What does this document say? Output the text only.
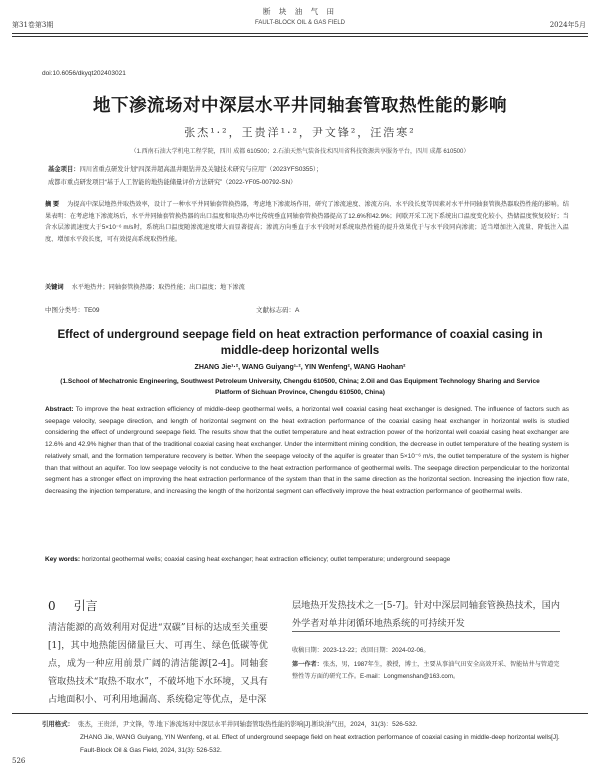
断 块 油 气 田
第31卷第3期	FAULT-BLOCK OIL & GAS FIELD	2024年5月
doi:10.6056/dkyqt202403021
地下渗流场对中深层水平井同轴套管取热性能的影响
张杰¹·²，王贵洋¹·²，尹文锋²，汪浩寒²
（1.西南石油大学机电工程学院，四川 成都 610500；2.石油天然气装备技术四川省科技资源共享服务平台，四川 成都 610500）
基金项目：四川省重点研发计划“四深井超高温井眼钻井及关键技术研究与应用”（2023YFS0355）；
成都市重点研发项目“基于人工智能的地热能储量评价方法研究”（2022-YF05-00792-SN）
摘 要 为提高中深层地热井取热效率，设计了一种水平井同轴套管换热器，考虑地下渗流场作用，研究了渗流速度、渗流方向、水平段长度等因素对水平井同轴套管换热器取热性能的影响。结果表明：在考虑地下渗流场后，水平井同轴套管换热器的出口温度和取热功率比传统垂直同轴套管换热器提高了12.6%和42.9%；间歇开采工况下系统出口温度变化较小，热储温度恢复较好；当含水层渗流速度大于5×10⁻⁶ m/s时，系统出口温度随渗流速度增大而显著提高；渗流方向垂直于水平段时对系统取热性能的提升效果优于与水平段同向渗流；适当增加注入流量、降低注入温度、增加水平段长度，可有效提高系统取热性能。
关键词 水平地热井；同轴套管换热器；取热性能；出口温度；地下渗流
中图分类号：TE09	文献标志码：A
Effect of underground seepage field on heat extraction performance of coaxial casing in middle-deep horizontal wells
ZHANG Jie¹·², WANG Guiyang¹·², YIN Wenfeng², WANG Haohan²
(1.School of Mechatronic Engineering, Southwest Petroleum University, Chengdu 610500, China; 2.Oil and Gas Equipment Technology Sharing and Service Platform of Sichuan Province, Chengdu 610500, China)
Abstract: To improve the heat extraction efficiency of middle-deep geothermal wells, a horizontal well coaxial casing heat exchanger is designed. The influence of factors such as seepage velocity, seepage direction, and length of horizontal segment on the heat extraction performance of the coaxial casing heat exchanger in horizontal wells is studied considering the effect of underground seepage field. The results show that the outlet temperature and heat extraction power of the horizontal well coaxial casing heat exchanger are 12.6% and 42.9% higher than that of the traditional coaxial casing heat exchanger. Under the intermittent mining condition, the decrease in outlet temperature of the heating system is relatively small, and the formation temperature recovery is better. When the seepage velocity of the aquifer is greater than 5×10⁻⁶ m/s, the outlet temperature of the system is higher than that without an aquifer. Too low seepage velocity is not conducive to the heat extraction performance of geothermal wells. The seepage direction perpendicular to the horizontal segment has a stronger effect on improving the heat extraction performance of the system than that in the same direction as the horizontal section. Increasing the injection flow rate, decreasing the injection temperature, and increasing the length of the horizontal segment can effectively improve the heat extraction performance of geothermal wells.
Key words: horizontal geothermal wells; coaxial casing heat exchanger; heat extraction efficiency; outlet temperature; underground seepage
0 引言
清洁能源的高效利用对促进“双碳”目标的达成至关重要[1]，其中地热能因储量巨大、可再生、绿色低碳等优点，成为一种应用前景广阔的清洁能源[2-4]。同轴套管取热技术“取热不取水”，不破坏地下水环境，又具有占地面积小、可利用地漏高、系统稳定等优点，是中深
层地热开发热技术之一[5-7]。针对中深层同轴套管换热技术，国内外学者对单井闭循环地热系统的可持续开发
收稿日期：2023-12-22；改回日期：2024-02-06。
第一作者：张杰，男，1987年生，教授，博士，主要从事油气田安全高效开采、智能钻井与管道完整性等方面的研究工作。E-mail：Longmenshan@163.com。
引用格式： 张杰，王贵洋，尹文锋，等.地下渗流场对中深层水平井同轴套管取热性能的影响[J].断块油气田，2024，31(3)：526-532.
ZHANG Jie, WANG Guiyang, YIN Wenfeng, et al. Effect of underground seepage field on heat extraction performance of coaxial casing in middle-deep horizontal wells[J]. Fault-Block Oil & Gas Field, 2024, 31(3): 526-532.
526
